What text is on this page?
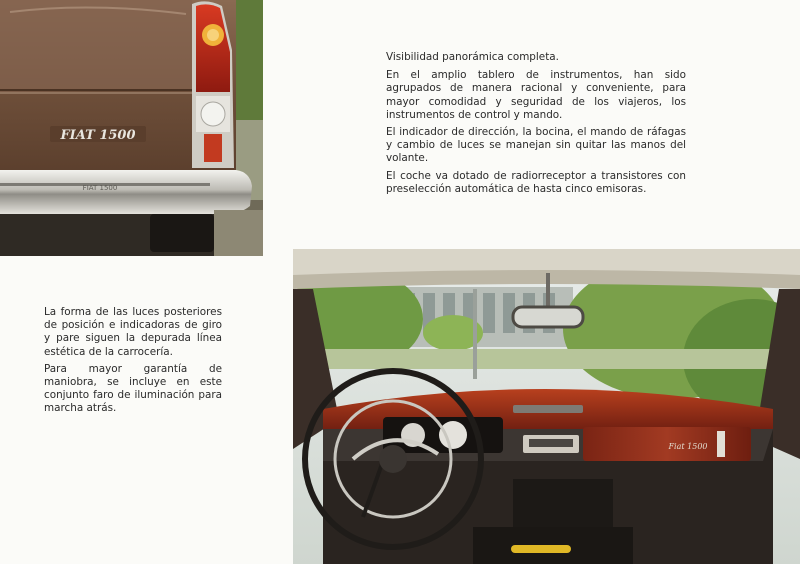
FIAT 1500
FIAT 1500

Visibilidad panorámica completa.

En el amplio tablero de instrumentos, han sido agrupados de manera racional y conveniente, para mayor comodidad y seguridad de los viajeros, los instrumentos de control y mando.

El indicador de dirección, la bocina, el mando de ráfagas y cambio de luces se manejan sin quitar las manos del volante.

El coche va dotado de radiorreceptor a transistores con preselección automática de hasta cinco emisoras.

La forma de las luces posteriores de posición e indicadoras de giro y pare siguen la depurada línea estética de la carrocería.

Para mayor garantía de maniobra, se incluye en este conjunto faro de iluminación para marcha atrás.

Fiat 1500
